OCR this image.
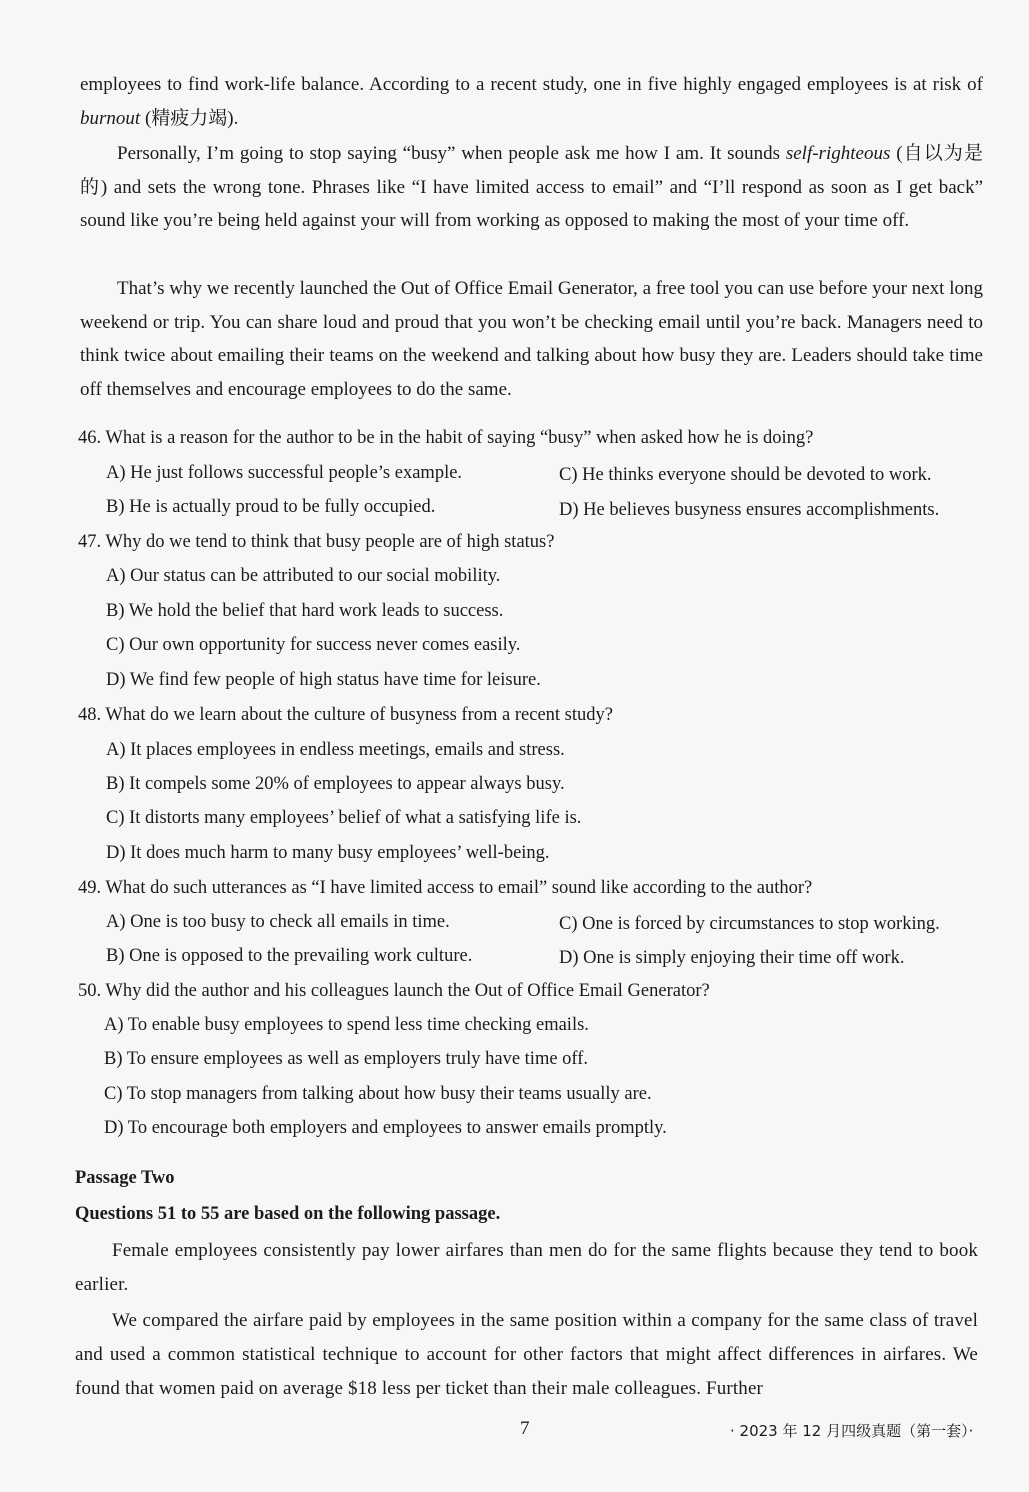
employees to find work-life balance. According to a recent study, one in five highly engaged employees is at risk of burnout (精疲力竭).

Personally, I’m going to stop saying “busy” when people ask me how I am. It sounds self-righteous (自以为是的) and sets the wrong tone. Phrases like “I have limited access to email” and “I’ll respond as soon as I get back” sound like you’re being held against your will from working as opposed to making the most of your time off.

That’s why we recently launched the Out of Office Email Generator, a free tool you can use before your next long weekend or trip. You can share loud and proud that you won’t be checking email until you’re back. Managers need to think twice about emailing their teams on the weekend and talking about how busy they are. Leaders should take time off themselves and encourage employees to do the same.

46. What is a reason for the author to be in the habit of saying “busy” when asked how he is doing?

A) He just follows successful people’s example.	C) He thinks everyone should be devoted to work.

B) He is actually proud to be fully occupied.	D) He believes busyness ensures accomplishments.

47. Why do we tend to think that busy people are of high status?

A) Our status can be attributed to our social mobility.

B) We hold the belief that hard work leads to success.

C) Our own opportunity for success never comes easily.

D) We find few people of high status have time for leisure.

48. What do we learn about the culture of busyness from a recent study?

A) It places employees in endless meetings, emails and stress.

B) It compels some 20% of employees to appear always busy.

C) It distorts many employees’ belief of what a satisfying life is.

D) It does much harm to many busy employees’ well-being.

49. What do such utterances as “I have limited access to email” sound like according to the author?

A) One is too busy to check all emails in time.	C) One is forced by circumstances to stop working.

B) One is opposed to the prevailing work culture.	D) One is simply enjoying their time off work.

50. Why did the author and his colleagues launch the Out of Office Email Generator?

A) To enable busy employees to spend less time checking emails.

B) To ensure employees as well as employers truly have time off.

C) To stop managers from talking about how busy their teams usually are.

D) To encourage both employers and employees to answer emails promptly.

Passage Two

Questions 51 to 55 are based on the following passage.

Female employees consistently pay lower airfares than men do for the same flights because they tend to book earlier.

We compared the airfare paid by employees in the same position within a company for the same class of travel and used a common statistical technique to account for other factors that might affect differences in airfares. We found that women paid on average $18 less per ticket than their male colleagues. Further

7	· 2023 年 12 月四级真题（第一套）·
